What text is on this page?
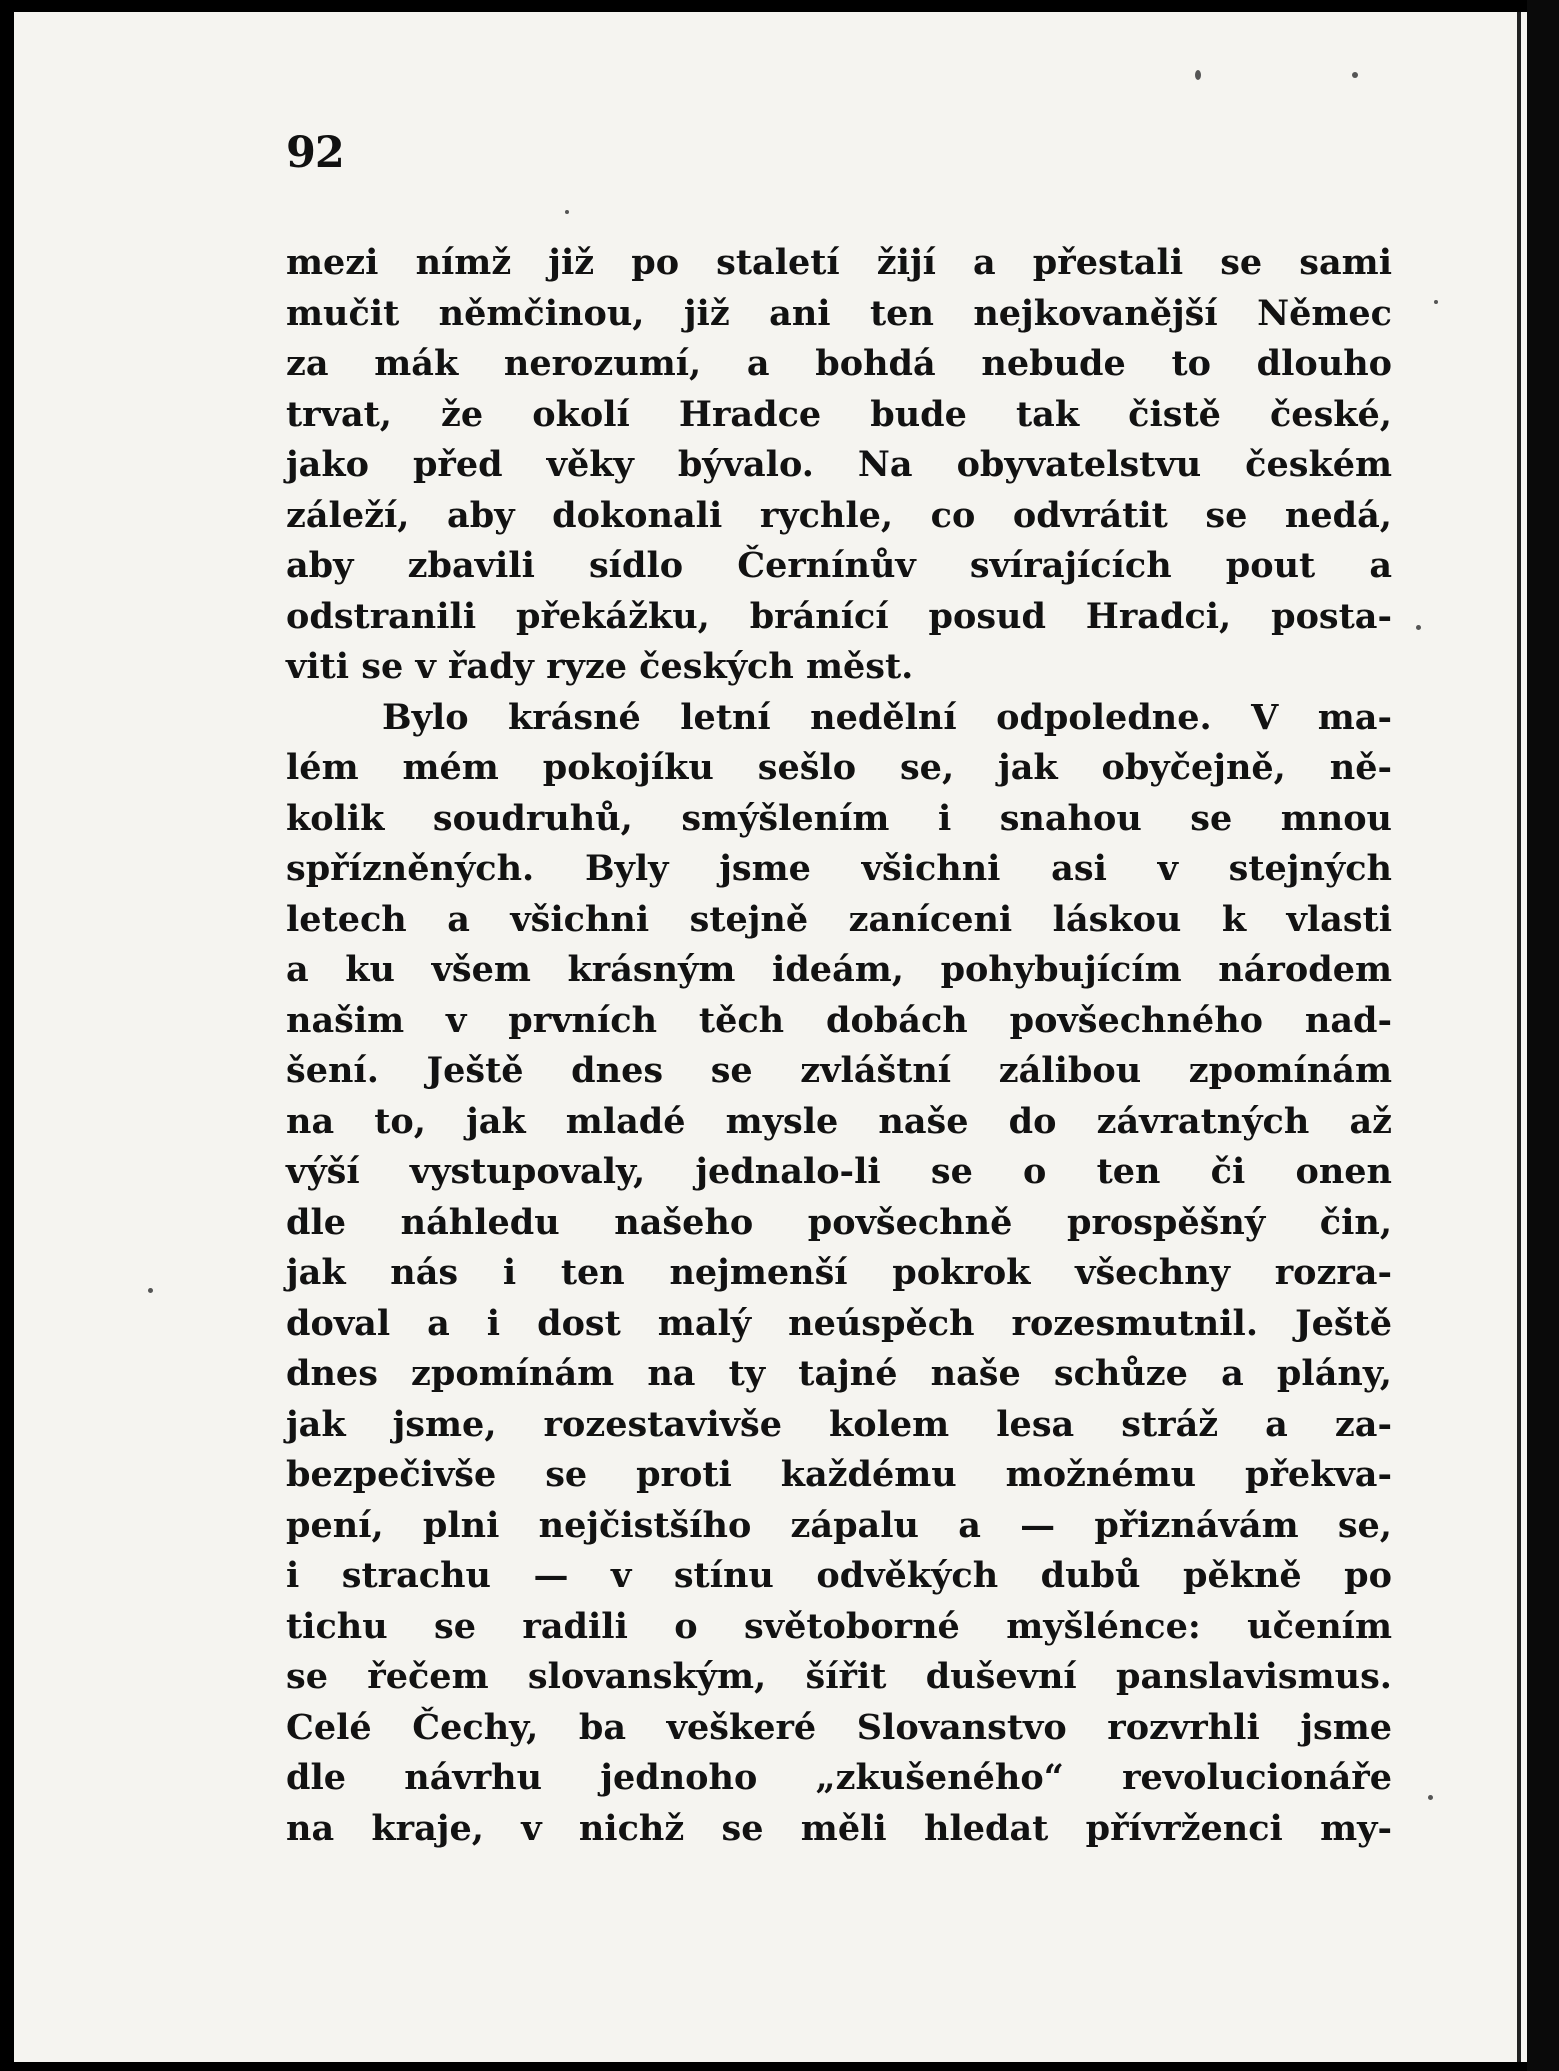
92
mezi nímž již po staletí žijí a přestali se sami
mučit němčinou, již ani ten nejkovanější Němec
za mák nerozumí, a bohdá nebude to dlouho
trvat, že okolí Hradce bude tak čistě české,
jako před věky bývalo. Na obyvatelstvu českém
záleží, aby dokonali rychle, co odvrátit se nedá,
aby zbavili sídlo Černínův svírajících pout a
odstranili překážku, bránící posud Hradci, posta-
viti se v řady ryze českých měst.
Bylo krásné letní nedělní odpoledne. V ma-
lém mém pokojíku sešlo se, jak obyčejně, ně-
kolik soudruhů, smýšlením i snahou se mnou
spřízněných. Byly jsme všichni asi v stejných
letech a všichni stejně zaníceni láskou k vlasti
a ku všem krásným ideám, pohybujícím národem
našim v prvních těch dobách povšechného nad-
šení. Ještě dnes se zvláštní zálibou zpomínám
na to, jak mladé mysle naše do závratných až
výší vystupovaly, jednalo-li se o ten či onen
dle náhledu našeho povšechně prospěšný čin,
jak nás i ten nejmenší pokrok všechny rozra-
doval a i dost malý neúspěch rozesmutnil. Ještě
dnes zpomínám na ty tajné naše schůze a plány,
jak jsme, rozestavivše kolem lesa stráž a za-
bezpečivše se proti každému možnému překva-
pení, plni nejčistšího zápalu a — přiznávám se,
i strachu — v stínu odvěkých dubů pěkně po
tichu se radili o světoborné myšlénce: učením
se řečem slovanským, šířit duševní panslavismus.
Celé Čechy, ba veškeré Slovanstvo rozvrhli jsme
dle návrhu jednoho „zkušeného“ revolucionáře
na kraje, v nichž se měli hledat přívrženci my-
